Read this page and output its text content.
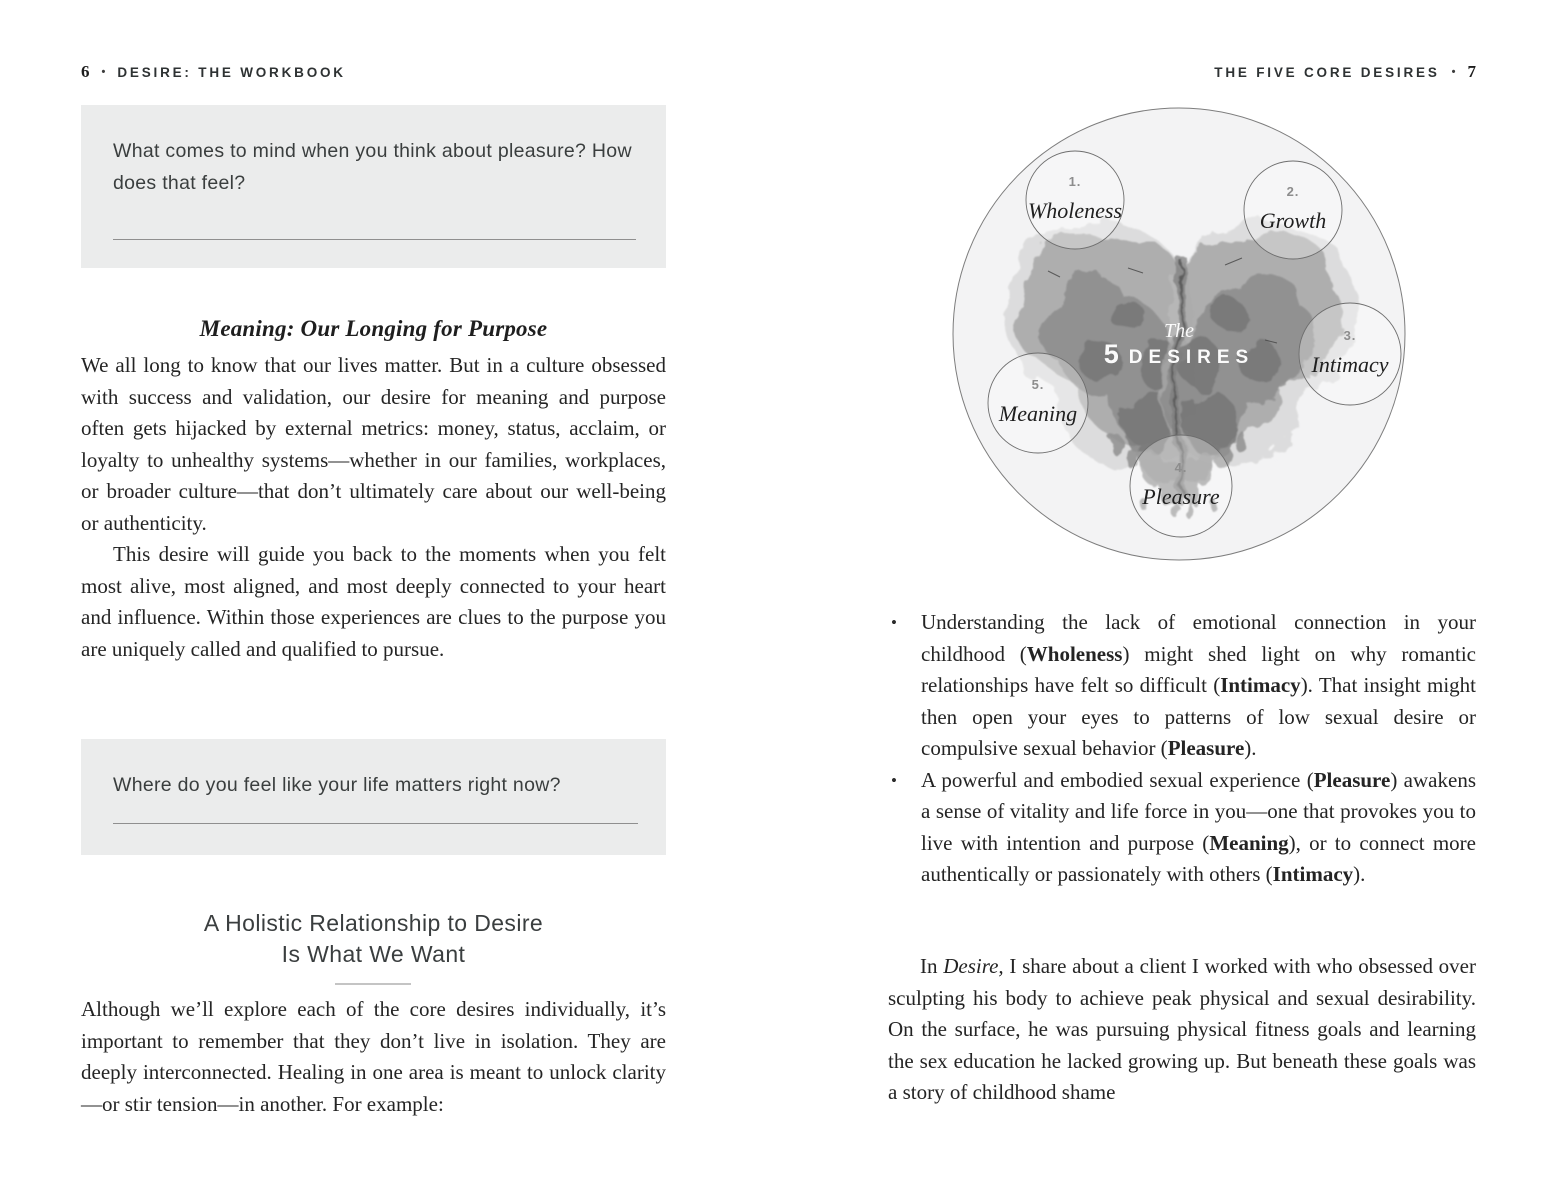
6 • DESIRE: THE WORKBOOK

What comes to mind when you think about pleasure? How does that feel?

Meaning: Our Longing for Purpose

We all long to know that our lives matter. But in a culture obsessed with success and validation, our desire for meaning and purpose often gets hijacked by external metrics: money, status, acclaim, or loyalty to unhealthy systems—whether in our families, workplaces, or broader culture—that don’t ultimately care about our well-being or authenticity.

This desire will guide you back to the moments when you felt most alive, most aligned, and most deeply connected to your heart and influence. Within those experiences are clues to the purpose you are uniquely called and qualified to pursue.

Where do you feel like your life matters right now?

A Holistic Relationship to Desire
Is What We Want

Although we’ll explore each of the core desires individually, it’s important to remember that they don’t live in isolation. They are deeply interconnected. Healing in one area is meant to unlock clarity—or stir tension—in another. For example:

THE FIVE CORE DESIRES • 7
The
5 DESIRES
1.
Wholeness
2.
Growth
3.
Intimacy
5.
Meaning
4.
Pleasure
• Understanding the lack of emotional connection in your childhood (Wholeness) might shed light on why romantic relationships have felt so difficult (Intimacy). That insight might then open your eyes to patterns of low sexual desire or compulsive sexual behavior (Pleasure).
• A powerful and embodied sexual experience (Pleasure) awakens a sense of vitality and life force in you—one that provokes you to live with intention and purpose (Meaning), or to connect more authentically or passionately with others (Intimacy).

In Desire, I share about a client I worked with who obsessed over sculpting his body to achieve peak physical and sexual desirability. On the surface, he was pursuing physical fitness goals and learning the sex education he lacked growing up. But beneath these goals was a story of childhood shame
